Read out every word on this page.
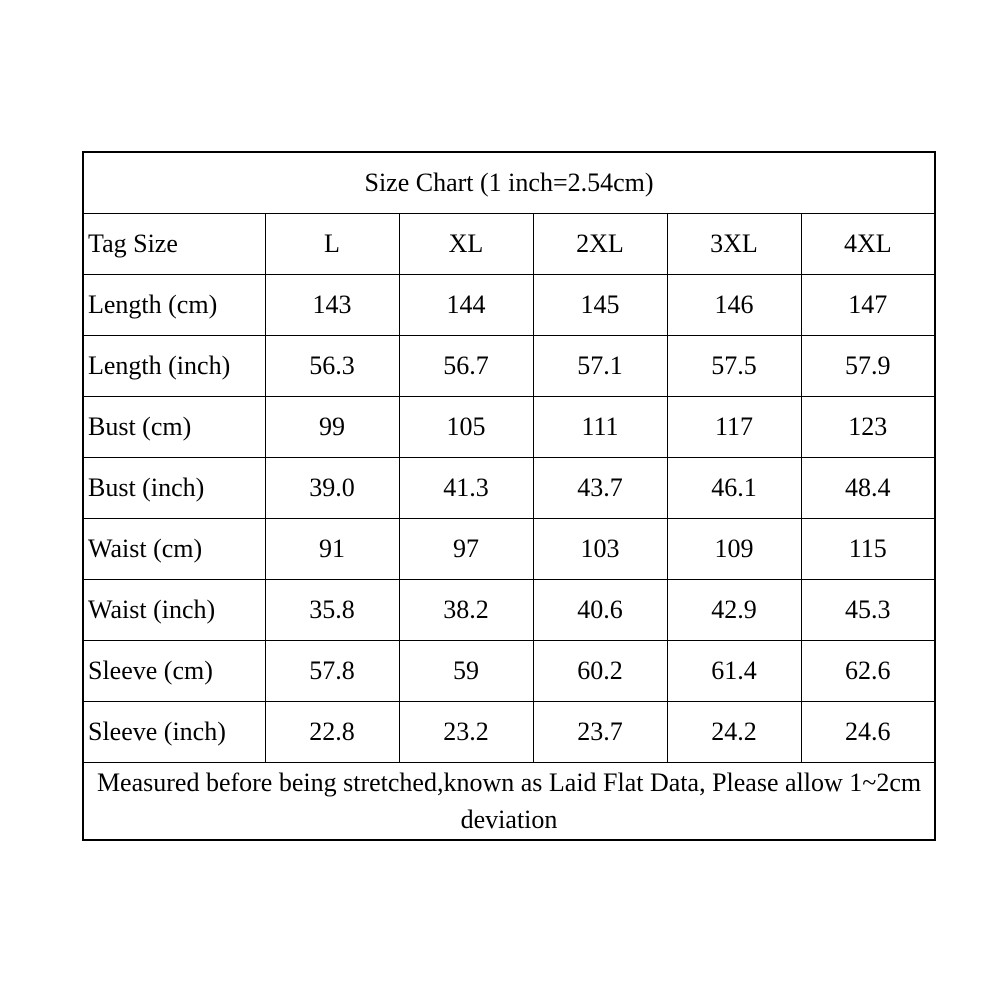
Size Chart (1 inch=2.54cm)					
Tag Size	L	XL	2XL	3XL	4XL
Length (cm)	143	144	145	146	147
Length (inch)	56.3	56.7	57.1	57.5	57.9
Bust (cm)	99	105	111	117	123
Bust (inch)	39.0	41.3	43.7	46.1	48.4
Waist (cm)	91	97	103	109	115
Waist (inch)	35.8	38.2	40.6	42.9	45.3
Sleeve (cm)	57.8	59	60.2	61.4	62.6
Sleeve (inch)	22.8	23.2	23.7	24.2	24.6
Measured before being stretched,known as Laid Flat Data, Please allow 1~2cm deviation					
